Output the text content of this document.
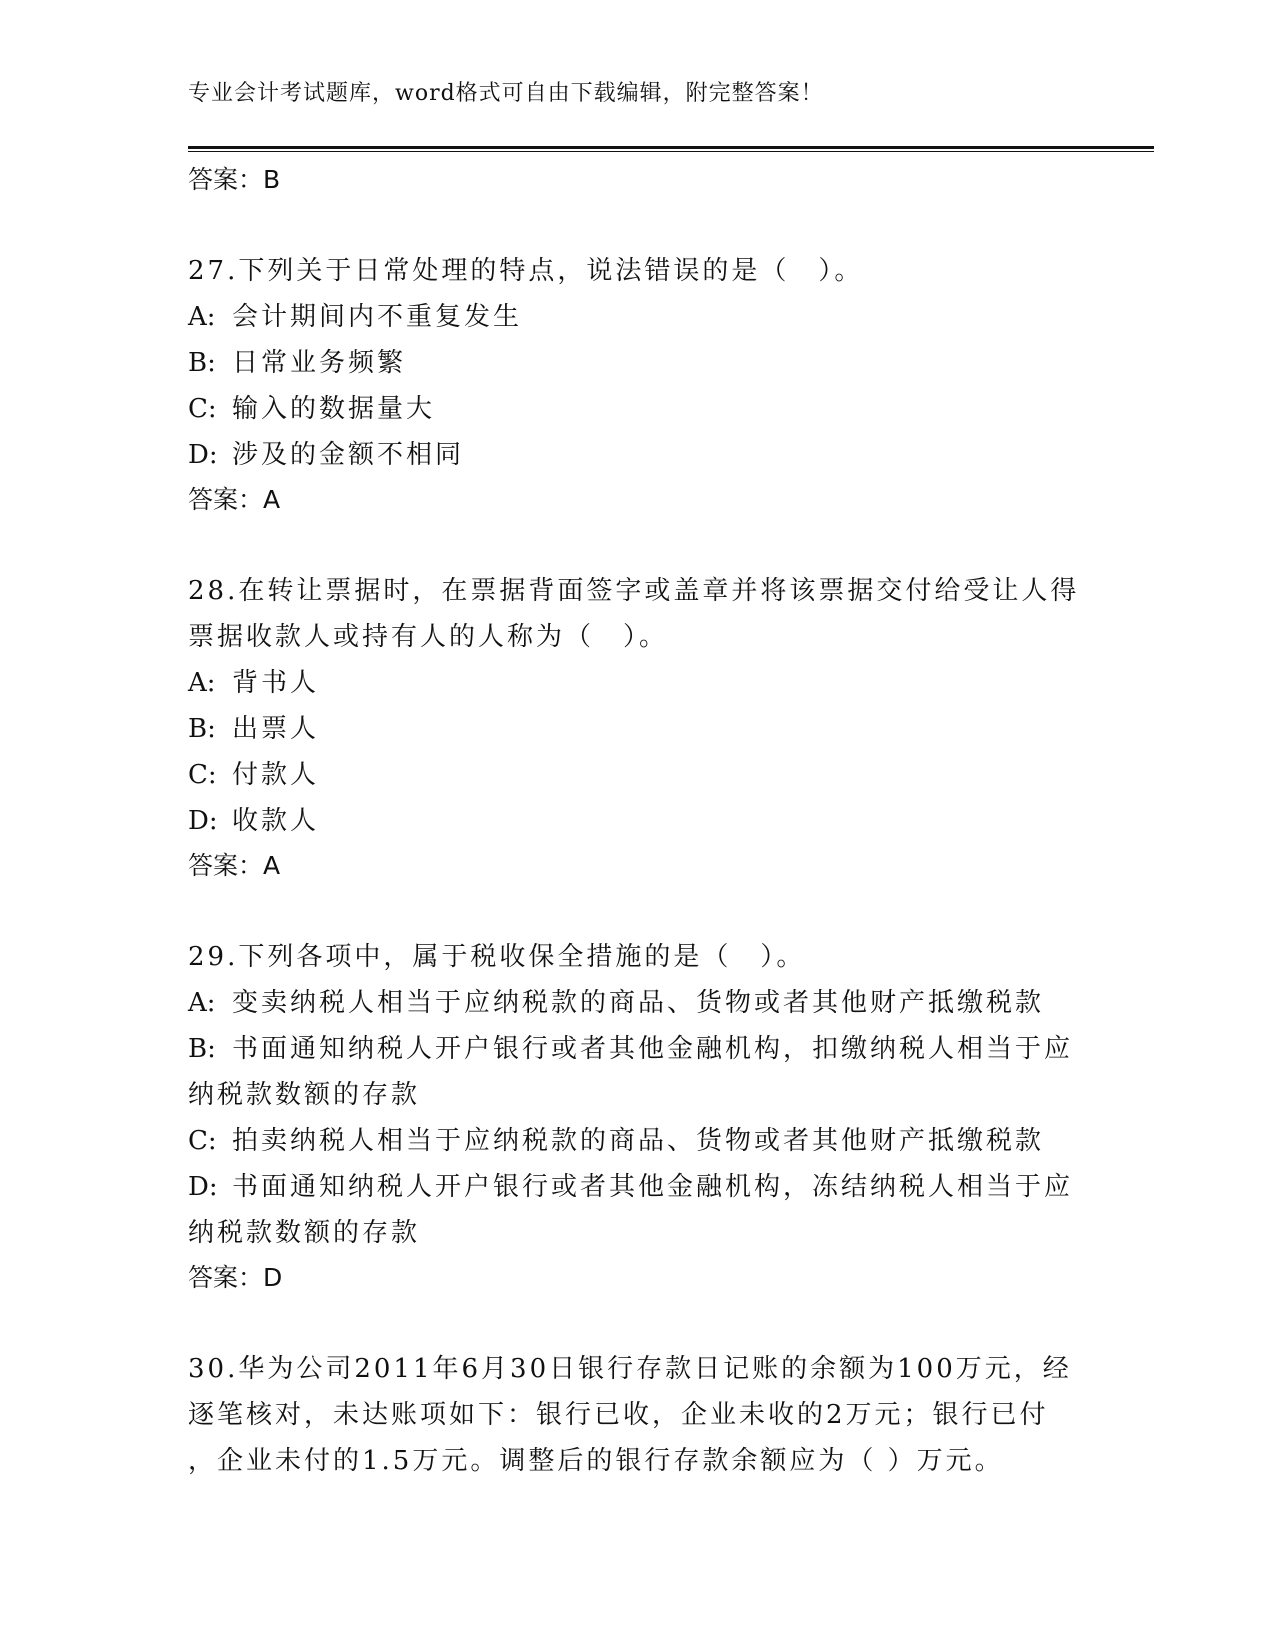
专业会计考试题库，word格式可自由下载编辑，附完整答案！
答案：B
27.下列关于日常处理的特点，说法错误的是（　）。
A: 会计期间内不重复发生
B: 日常业务频繁
C: 输入的数据量大
D: 涉及的金额不相同
答案：A
28.在转让票据时，在票据背面签字或盖章并将该票据交付给受让人得
票据收款人或持有人的人称为（　）。
A: 背书人
B: 出票人
C: 付款人
D: 收款人
答案：A
29.下列各项中，属于税收保全措施的是（　）。
A: 变卖纳税人相当于应纳税款的商品、货物或者其他财产抵缴税款
B: 书面通知纳税人开户银行或者其他金融机构，扣缴纳税人相当于应
纳税款数额的存款
C: 拍卖纳税人相当于应纳税款的商品、货物或者其他财产抵缴税款
D: 书面通知纳税人开户银行或者其他金融机构，冻结纳税人相当于应
纳税款数额的存款
答案：D
30.华为公司2011年6月30日银行存款日记账的余额为100万元，经
逐笔核对，未达账项如下：银行已收，企业未收的2万元；银行已付
，企业未付的1.5万元。调整后的银行存款余额应为（ ）万元。
